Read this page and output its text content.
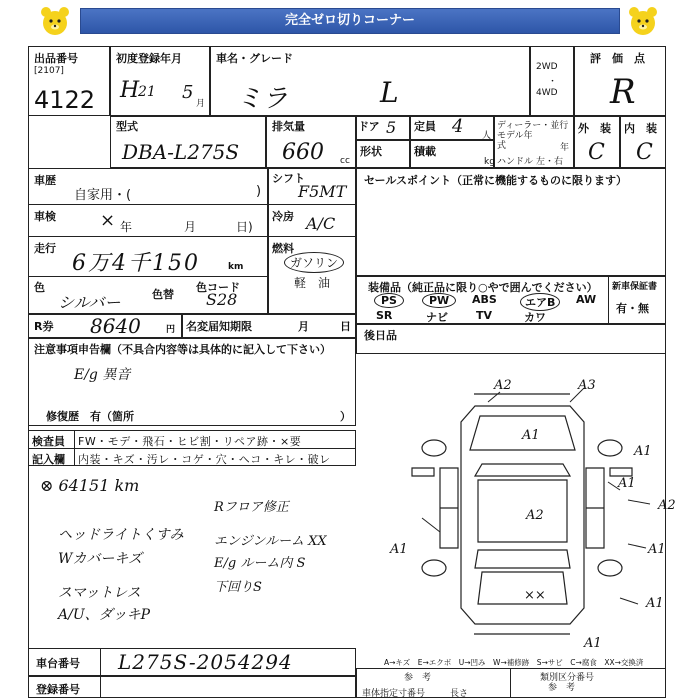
完全ゼロ切りコーナー
出品番号
[2107]
4122
初度登録年月
H
21 5
月
車名・グレード
ミラ	L
2WD
・
4WD
評　価　点
R
型式
DBA-L275S
排気量
660 cc
ドア 5 定員 4 人
形状	積載
kg
ディーラー・並行
モデル年式	年
ハンドル 左・右
外　装
C
内　装
C
車歴
自家用・(	)
車検 × 年	月	日)
走行
6万4千150	km
色
シルバー	色替
色コード
S28
シフト
F5MT
冷房 A/C
燃料
ガソリン
軽　油
R券 8640	円 名変届知期限	月	日
注意事項申告欄（不具合内容等は具体的に記入して下さい）
E/g 異音
修復歴　有（箇所	）
セールスポイント（正常に機能するものに限ります）
装備品（純正品に限り○やで囲んでください） 新車保証書
有・無
PS	PW	ABS	エアB	AW
SR	ナビ	TV	カワ
後日品
検査員
記入欄
FW・モデ・飛石・ヒビ割・リペア跡・×要
内装・キズ・汚レ・コゲ・穴・ヘコ・キレ・破レ
⊗ 64151 km
ヘッドライトくすみ
Wカバーキズ
スマットレス
A/U、ダッキP
Rフロア修正
エンジンルーム XX
E/g ルーム内 S
下回りS
A2	A3
A1
A1
A1
A2
A2
A1	A1
××
A1
A1
A→キズ　E→エクボ　U→凹み　W→補修跡　S→サビ　C→腐食　XX→交換済
車台番号 L275S-2054294
登録番号
参　考	類別区分番号
参　考
車体指定寸番号	長さ
